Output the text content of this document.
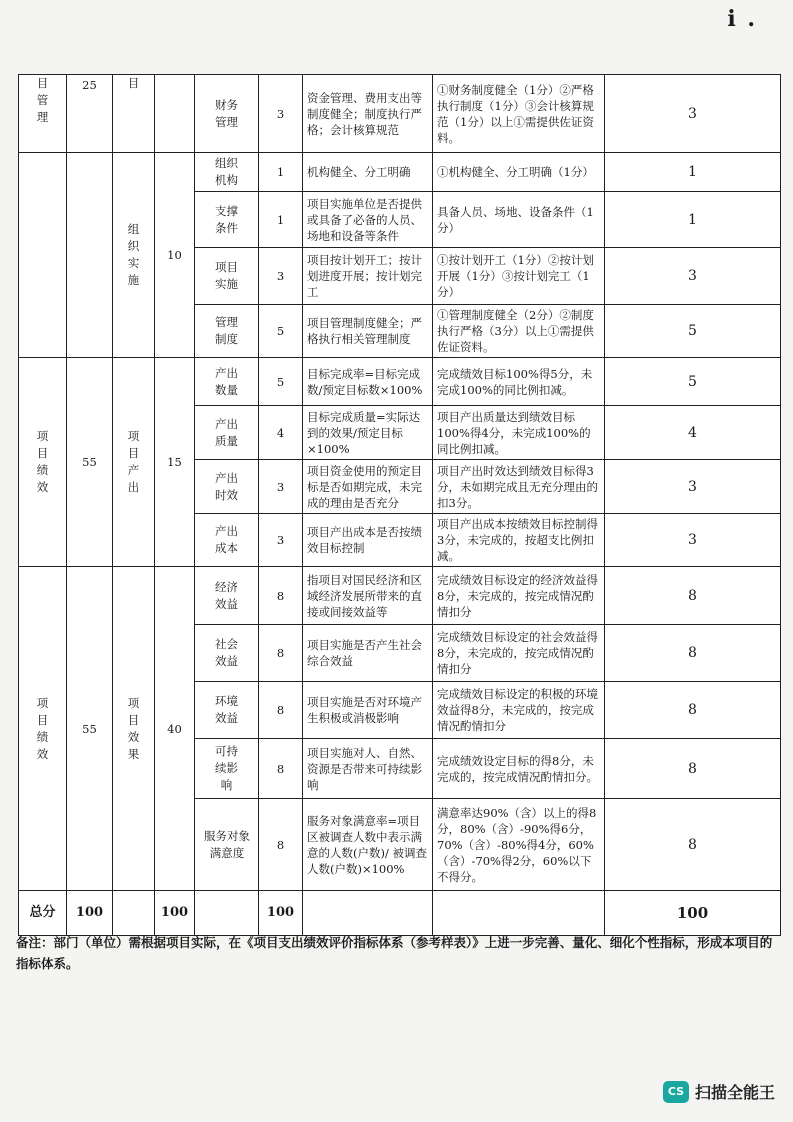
i .
目管理	25	目		财务管理	3	资金管理、费用支出等制度健全；制度执行严格；会计核算规范	①财务制度健全（1分）②严格执行制度（1分）③会计核算规范（1分）以上①需提供佐证资料。	3

		组织实施	10	组织机构	1	机构健全、分工明确	①机构健全、分工明确（1分）	1

				支撑条件	1	项目实施单位是否提供或具备了必备的人员、场地和设备等条件	具备人员、场地、设备条件（1分）	1

				项目实施	3	项目按计划开工；按计划进度开展；按计划完工	①按计划开工（1分）②按计划开展（1分）③按计划完工（1分）	3

				管理制度	5	项目管理制度健全；严格执行相关管理制度	①管理制度健全（2分）②制度执行严格（3分）以上①需提供佐证资料。	5

项目绩效	55	项目产出	15	产出数量	5	目标完成率=目标完成数/预定目标数×100%	完成绩效目标100%得5分，未完成100%的同比例扣减。	5

				产出质量	4	目标完成质量=实际达到的效果/预定目标×100%	项目产出质量达到绩效目标100%得4分，未完成100%的同比例扣减。	4

				产出时效	3	项目资金使用的预定目标是否如期完成，未完成的理由是否充分	项目产出时效达到绩效目标得3分，未如期完成且无充分理由的扣3分。	3

				产出成本	3	项目产出成本是否按绩效目标控制	项目产出成本按绩效目标控制得3分，未完成的，按超支比例扣减。	3

项目绩效	55	项目效果	40	经济效益	8	指项目对国民经济和区域经济发展所带来的直接或间接效益等	完成绩效目标设定的经济效益得8分，未完成的，按完成情况酌情扣分	8

				社会效益	8	项目实施是否产生社会综合效益	完成绩效目标设定的社会效益得8分，未完成的，按完成情况酌情扣分	8

				环境效益	8	项目实施是否对环境产生积极或消极影响	完成绩效目标设定的积极的环境效益得8分，未完成的，按完成情况酌情扣分	8

				可持续影响	8	项目实施对人、自然、资源是否带来可持续影响	完成绩效设定目标的得8分，未完成的，按完成情况酌情扣分。	8

				服务对象满意度	8	服务对象满意率=项目区被调查人数中表示满意的人数(户数)/ 被调查人数(户数)×100%	满意率达90%（含）以上的得8分，80%（含）-90%得6分，70%（含）-80%得4分，60%（含）-70%得2分，60%以下不得分。	8
总分	100		100		100			100
备注：部门（单位）需根据项目实际，在《项目支出绩效评价指标体系（参考样表）》上进一步完善、量化、细化个性指标，形成本项目的指标体系。
CS 扫描全能王
